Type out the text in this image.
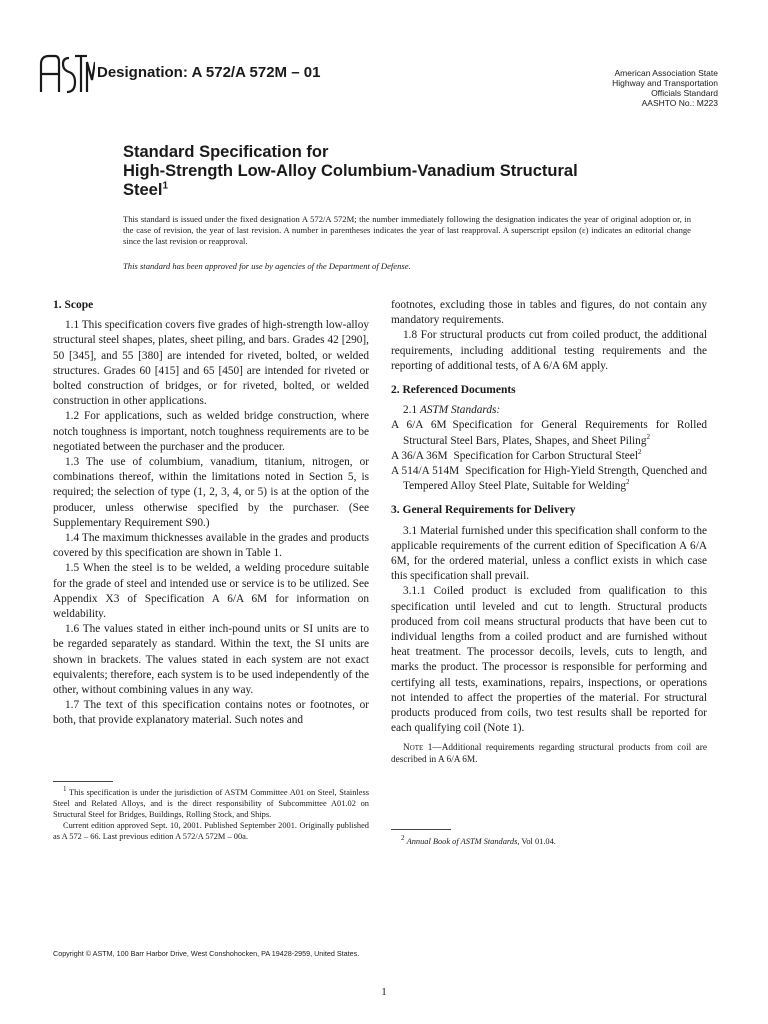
Designation: A 572/A 572M – 01	American Association State
Highway and Transportation
Officials Standard
AASHTO No.: M223
Standard Specification for
High-Strength Low-Alloy Columbium-Vanadium Structural
Steel$^1$
This standard is issued under the fixed designation A 572/A 572M; the number immediately following the designation indicates the year of original adoption or, in the case of revision, the year of last revision. A number in parentheses indicates the year of last reapproval. A superscript epsilon (ε) indicates an editorial change since the last revision or reapproval.
This standard has been approved for use by agencies of the Department of Defense.

1. Scope

1.1 This specification covers five grades of high-strength low-alloy structural steel shapes, plates, sheet piling, and bars. Grades 42 [290], 50 [345], and 55 [380] are intended for riveted, bolted, or welded structures. Grades 60 [415] and 65 [450] are intended for riveted or bolted construction of bridges, or for riveted, bolted, or welded construction in other applications.

1.2 For applications, such as welded bridge construction, where notch toughness is important, notch toughness requirements are to be negotiated between the purchaser and the producer.

1.3 The use of columbium, vanadium, titanium, nitrogen, or combinations thereof, within the limitations noted in Section 5, is required; the selection of type (1, 2, 3, 4, or 5) is at the option of the producer, unless otherwise specified by the purchaser. (See Supplementary Requirement S90.)

1.4 The maximum thicknesses available in the grades and products covered by this specification are shown in Table 1.

1.5 When the steel is to be welded, a welding procedure suitable for the grade of steel and intended use or service is to be utilized. See Appendix X3 of Specification A 6/A 6M for information on weldability.

1.6 The values stated in either inch-pound units or SI units are to be regarded separately as standard. Within the text, the SI units are shown in brackets. The values stated in each system are not exact equivalents; therefore, each system is to be used independently of the other, without combining values in any way.

1.7 The text of this specification contains notes or footnotes, or both, that provide explanatory material. Such notes and

footnotes, excluding those in tables and figures, do not contain any mandatory requirements.

1.8 For structural products cut from coiled product, the additional requirements, including additional testing requirements and the reporting of additional tests, of A 6/A 6M apply.

2. Referenced Documents

2.1 ASTM Standards:

A 6/A 6M Specification for General Requirements for Rolled Structural Steel Bars, Plates, Shapes, and Sheet Piling$^2$

A 36/A 36M Specification for Carbon Structural Steel$^2$

A 514/A 514M Specification for High-Yield Strength, Quenched and Tempered Alloy Steel Plate, Suitable for Welding$^2$

3. General Requirements for Delivery

3.1 Material furnished under this specification shall conform to the applicable requirements of the current edition of Specification A 6/A 6M, for the ordered material, unless a conflict exists in which case this specification shall prevail.

3.1.1 Coiled product is excluded from qualification to this specification until leveled and cut to length. Structural products produced from coil means structural products that have been cut to individual lengths from a coiled product and are furnished without heat treatment. The processor decoils, levels, cuts to length, and marks the product. The processor is responsible for performing and certifying all tests, examinations, repairs, inspections, or operations not intended to affect the properties of the material. For structural products produced from coils, two test results shall be reported for each qualifying coil (Note 1).

Note 1—Additional requirements regarding structural products from coil are described in A 6/A 6M.

$^1$ This specification is under the jurisdiction of ASTM Committee A01 on Steel, Stainless Steel and Related Alloys, and is the direct responsibility of Subcommittee A01.02 on Structural Steel for Bridges, Buildings, Rolling Stock, and Ships.

Current edition approved Sept. 10, 2001. Published September 2001. Originally published as A 572 – 66. Last previous edition A 572/A 572M – 00a.	$^2$ Annual Book of ASTM Standards, Vol 01.04.

Copyright © ASTM, 100 Barr Harbor Drive, West Conshohocken, PA 19428-2959, United States.
1
